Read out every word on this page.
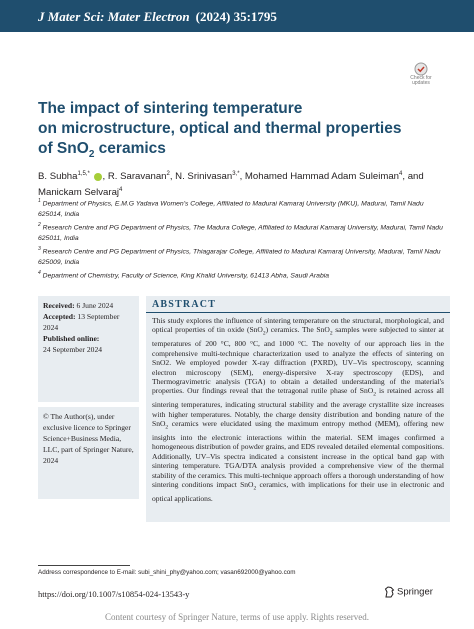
J Mater Sci: Mater Electron (2024) 35:1795
Check for
updates
The impact of sintering temperature
on microstructure, optical and thermal properties
of SnO$_2$ ceramics
B. Subha$^{1,5,*}$ , R. Saravanan$^2$, N. Srinivasan$^{3,*}$, Mohamed Hammad Adam Suleiman$^4$, and
Manickam Selvaraj$^4$
$^1$ Department of Physics, E.M.G Yadava Women's College, Affiliated to Madurai Kamaraj University (MKU), Madurai, Tamil Nadu 625014, India
$^2$ Research Centre and PG Department of Physics, The Madura College, Affiliated to Madurai Kamaraj University, Madurai, Tamil Nadu 625011, India
$^3$ Research Centre and PG Department of Physics, Thiagarajar College, Affiliated to Madurai Kamaraj University, Madurai, Tamil Nadu 625009, India
$^4$ Department of Chemistry, Faculty of Science, King Khalid University, 61413 Abha, Saudi Arabia
Received: 6 June 2024
Accepted: 13 September 2024
Published online:
24 September 2024
© The Author(s), under exclusive licence to Springer Science+Business Media, LLC, part of Springer Nature, 2024
ABSTRACT

This study explores the influence of sintering temperature on the structural, morphological, and optical properties of tin oxide (SnO$_2$) ceramics. The SnO$_2$ samples were subjected to sinter at temperatures of 200 °C, 800 °C, and 1000 °C. The novelty of our approach lies in the comprehensive multi-technique characterization used to analyze the effects of sintering on SnO2. We employed powder X-ray diffraction (PXRD), UV–Vis spectroscopy, scanning electron microscopy (SEM), energy-dispersive X-ray spectroscopy (EDS), and Thermogravimetric analysis (TGA) to obtain a detailed understanding of the material's properties. Our findings reveal that the tetragonal rutile phase of SnO$_2$ is retained across all sintering temperatures, indicating structural stability and the average crystallite size increases with higher temperatures. Notably, the charge density distribution and bonding nature of the SnO$_2$ ceramics were elucidated using the maximum entropy method (MEM), offering new insights into the electronic interactions within the material. SEM images confirmed a homogeneous distribution of powder grains, and EDS revealed detailed elemental compositions. Additionally, UV–Vis spectra indicated a consistent increase in the optical band gap with sintering temperature. TGA/DTA analysis provided a comprehensive view of the thermal stability of the ceramics. This multi-technique approach offers a thorough understanding of how sintering conditions impact SnO$_2$ ceramics, with implications for their use in electronic and optical applications.

Address correspondence to E-mail: subi_shini_phy@yahoo.com; vasan692000@yahoo.com
https://doi.org/10.1007/s10854-024-13543-y	Springer
Content courtesy of Springer Nature, terms of use apply. Rights reserved.
